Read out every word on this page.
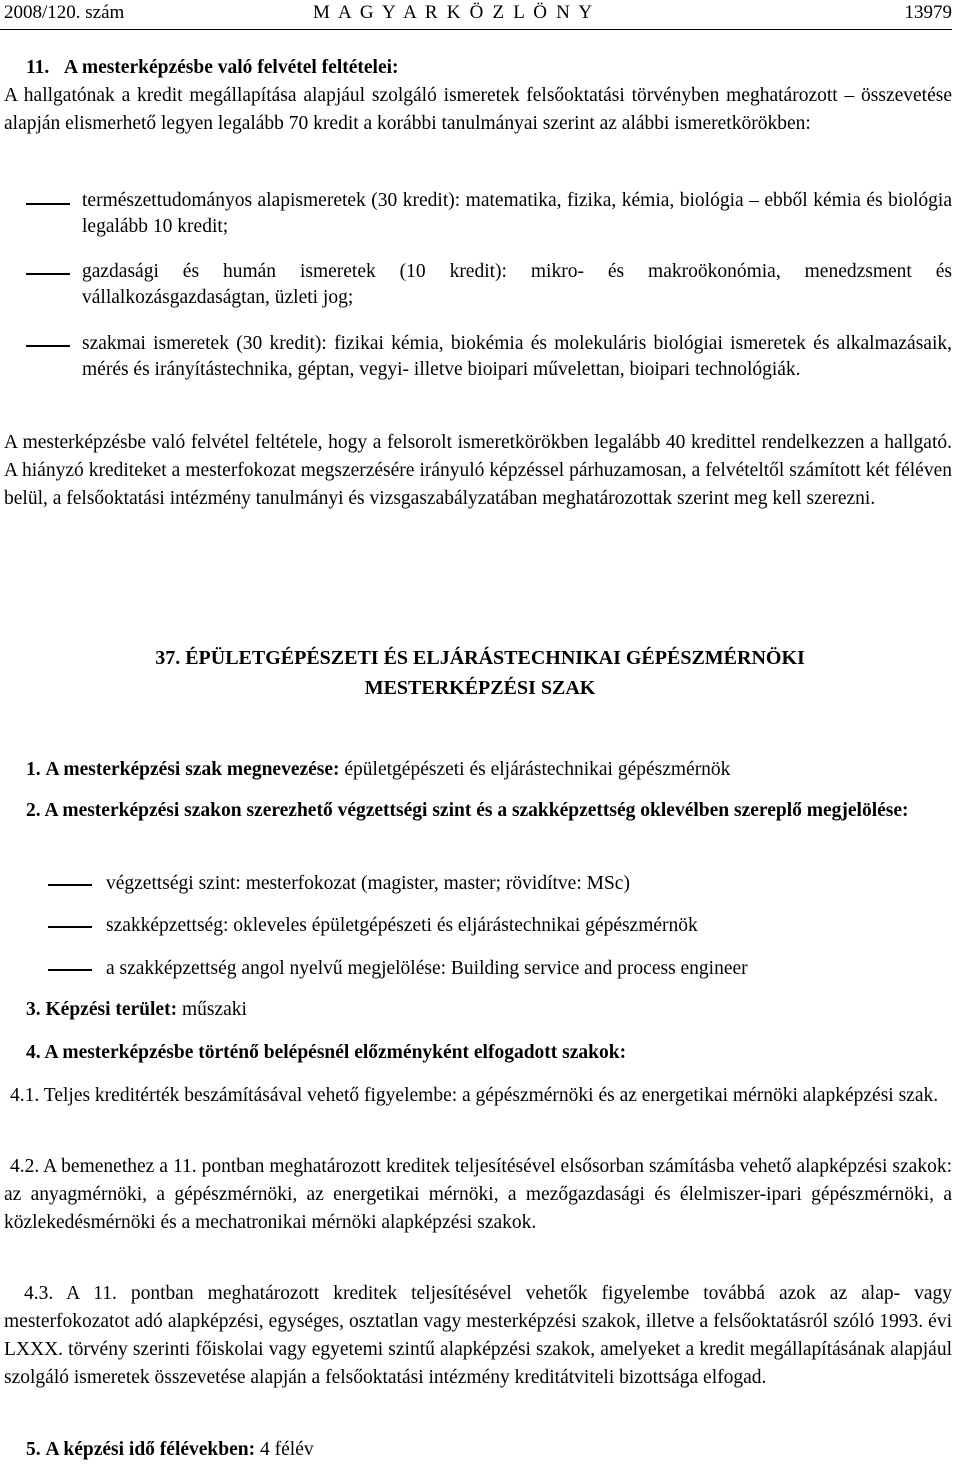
2008/120. szám	M A G Y A R K Ö Z L Ö N Y	13979
11. A mesterképzésbe való felvétel feltételei:
A hallgatónak a kredit megállapítása alapjául szolgáló ismeretek felsőoktatási törvényben meghatározott – összevetése alapján elismerhető legyen legalább 70 kredit a korábbi tanulmányai szerint az alábbi ismeretkörökben:
természettudományos alapismeretek (30 kredit): matematika, fizika, kémia, biológia – ebből kémia és biológia legalább 10 kredit;
gazdasági és humán ismeretek (10 kredit): mikro- és makroökonómia, menedzsment és vállalkozásgazdaságtan, üzleti jog;
szakmai ismeretek (30 kredit): fizikai kémia, biokémia és molekuláris biológiai ismeretek és alkalmazásaik, mérés és irányítástechnika, géptan, vegyi- illetve bioipari művelettan, bioipari technológiák.
A mesterképzésbe való felvétel feltétele, hogy a felsorolt ismeretkörökben legalább 40 kredittel rendelkezzen a hallgató. A hiányzó krediteket a mesterfokozat megszerzésére irányuló képzéssel párhuzamosan, a felvételtől számított két féléven belül, a felsőoktatási intézmény tanulmányi és vizsgaszabályzatában meghatározottak szerint meg kell szerezni.
37. ÉPÜLETGÉPÉSZETI ÉS ELJÁRÁSTECHNIKAI GÉPÉSZMÉRNÖKI
MESTERKÉPZÉSI SZAK
1. A mesterképzési szak megnevezése: épületgépészeti és eljárástechnikai gépészmérnök
2. A mesterképzési szakon szerezhető végzettségi szint és a szakképzettség oklevélben szereplő megjelölése:
végzettségi szint: mesterfokozat (magister, master; rövidítve: MSc)
szakképzettség: okleveles épületgépészeti és eljárástechnikai gépészmérnök
a szakképzettség angol nyelvű megjelölése: Building service and process engineer
3. Képzési terület: műszaki
4. A mesterképzésbe történő belépésnél előzményként elfogadott szakok:
4.1. Teljes kreditérték beszámításával vehető figyelembe: a gépészmérnöki és az energetikai mérnöki alapképzési szak.
4.2. A bemenethez a 11. pontban meghatározott kreditek teljesítésével elsősorban számításba vehető alapképzési szakok: az anyagmérnöki, a gépészmérnöki, az energetikai mérnöki, a mezőgazdasági és élelmiszer-ipari gépészmérnöki, a közlekedésmérnöki és a mechatronikai mérnöki alapképzési szakok.
4.3. A 11. pontban meghatározott kreditek teljesítésével vehetők figyelembe továbbá azok az alap- vagy mesterfokozatot adó alapképzési, egységes, osztatlan vagy mesterképzési szakok, illetve a felsőoktatásról szóló 1993. évi LXXX. törvény szerinti főiskolai vagy egyetemi szintű alapképzési szakok, amelyeket a kredit megállapításának alapjául szolgáló ismeretek összevetése alapján a felsőoktatási intézmény kreditátviteli bizottsága elfogad.
5. A képzési idő félévekben: 4 félév
